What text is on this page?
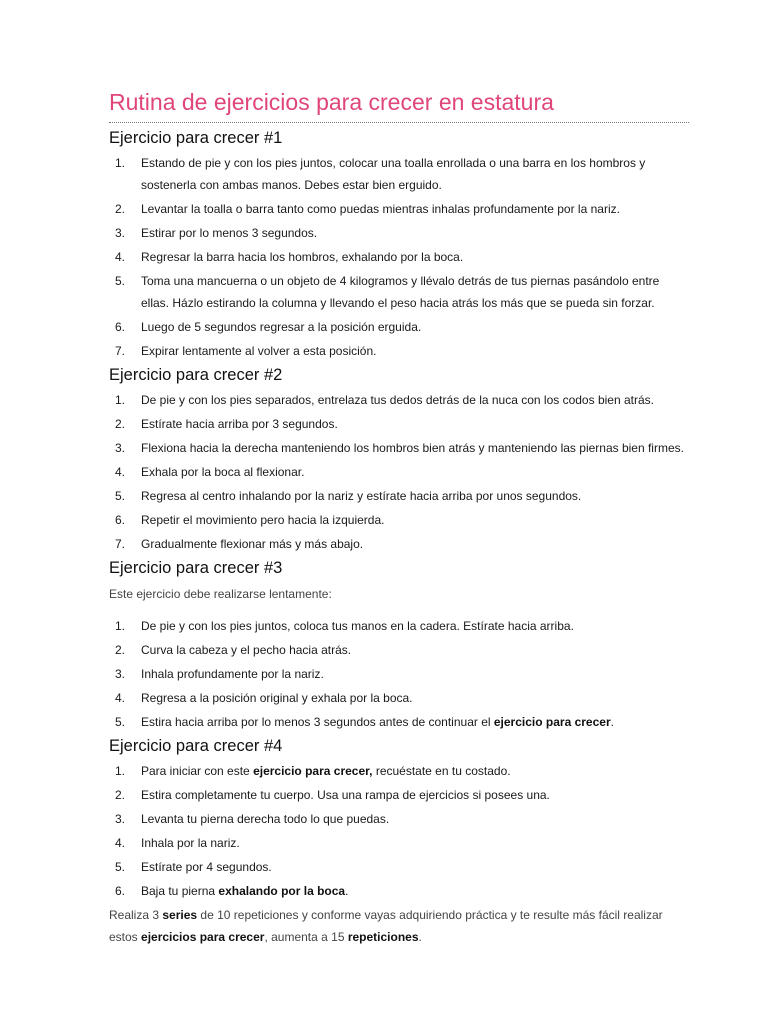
Rutina de ejercicios para crecer en estatura
Ejercicio para crecer #1
1. Estando de pie y con los pies juntos, colocar una toalla enrollada o una barra en los hombros y sostenerla con ambas manos. Debes estar bien erguido.
2. Levantar la toalla o barra tanto como puedas mientras inhalas profundamente por la nariz.
3. Estirar por lo menos 3 segundos.
4. Regresar la barra hacia los hombros, exhalando por la boca.
5. Toma una mancuerna o un objeto de 4 kilogramos y llévalo detrás de tus piernas pasándolo entre ellas. Házlo estirando la columna y llevando el peso hacia atrás los más que se pueda sin forzar.
6. Luego de 5 segundos regresar a la posición erguida.
7. Expirar lentamente al volver a esta posición.
Ejercicio para crecer #2
1. De pie y con los pies separados, entrelaza tus dedos detrás de la nuca con los codos bien atrás.
2. Estírate hacia arriba por 3 segundos.
3. Flexiona hacia la derecha manteniendo los hombros bien atrás y manteniendo las piernas bien firmes.
4. Exhala por la boca al flexionar.
5. Regresa al centro inhalando por la nariz y estírate hacia arriba por unos segundos.
6. Repetir el movimiento pero hacia la izquierda.
7. Gradualmente flexionar más y más abajo.
Ejercicio para crecer #3

Este ejercicio debe realizarse lentamente:

1. De pie y con los pies juntos, coloca tus manos en la cadera. Estírate hacia arriba.
2. Curva la cabeza y el pecho hacia atrás.
3. Inhala profundamente por la nariz.
4. Regresa a la posición original y exhala por la boca.
5. Estira hacia arriba por lo menos 3 segundos antes de continuar el ejercicio para crecer.
Ejercicio para crecer #4
1. Para iniciar con este ejercicio para crecer, recuéstate en tu costado.
2. Estira completamente tu cuerpo. Usa una rampa de ejercicios si posees una.
3. Levanta tu pierna derecha todo lo que puedas.
4. Inhala por la nariz.
5. Estírate por 4 segundos.
6. Baja tu pierna exhalando por la boca.

Realiza 3 series de 10 repeticiones y conforme vayas adquiriendo práctica y te resulte más fácil realizar estos ejercicios para crecer, aumenta a 15 repeticiones.
